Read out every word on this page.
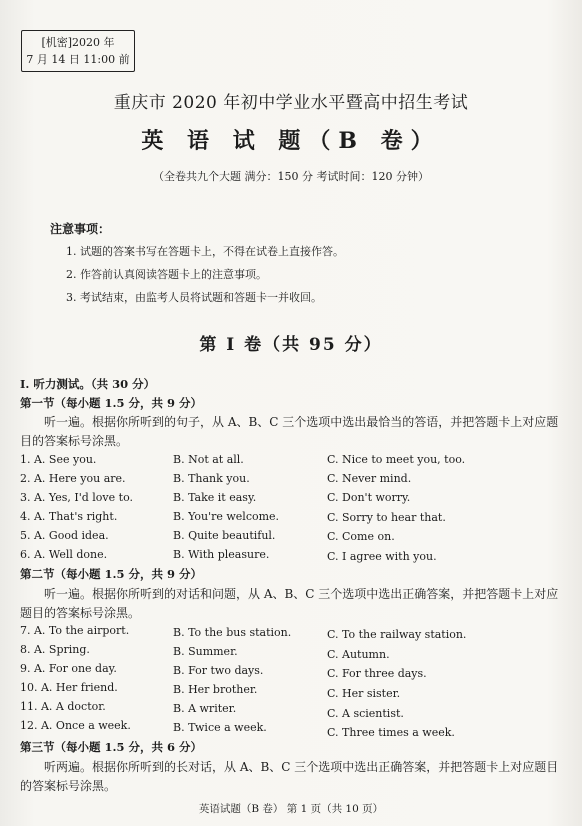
[机密]2020 年
7 月 14 日 11:00 前
重庆市 2020 年初中学业水平暨高中招生考试
英 语 试 题（B 卷）
（全卷共九个大题 满分：150 分 考试时间：120 分钟）
注意事项：
1. 试题的答案书写在答题卡上，不得在试卷上直接作答。
2. 作答前认真阅读答题卡上的注意事项。
3. 考试结束，由监考人员将试题和答题卡一并收回。
第 I 卷（共 95 分）
I. 听力测试。（共 30 分）
第一节（每小题 1.5 分，共 9 分）
听一遍。根据你所听到的句子，从 A、B、C 三个选项中选出最恰当的答语，并把答题卡上对应题目的答案标号涂黑。
1. A. See you.	B. Not at all.	C. Nice to meet you, too.
2. A. Here you are.	B. Thank you.	C. Never mind.
3. A. Yes, I'd love to.	B. Take it easy.	C. Don't worry.
4. A. That's right.	B. You're welcome.	C. Sorry to hear that.
5. A. Good idea.	B. Quite beautiful.	C. Come on.
6. A. Well done.	B. With pleasure.	C. I agree with you.
第二节（每小题 1.5 分，共 9 分）
听一遍。根据你所听到的对话和问题，从 A、B、C 三个选项中选出正确答案，并把答题卡上对应题目的答案标号涂黑。
7. A. To the airport.	B. To the bus station.	C. To the railway station.
8. A. Spring.	B. Summer.	C. Autumn.
9. A. For one day.	B. For two days.	C. For three days.
10. A. Her friend.	B. Her brother.	C. Her sister.
11. A. A doctor.	B. A writer.	C. A scientist.
12. A. Once a week.	B. Twice a week.	C. Three times a week.
第三节（每小题 1.5 分，共 6 分）
听两遍。根据你所听到的长对话，从 A、B、C 三个选项中选出正确答案，并把答题卡上对应题目的答案标号涂黑。
英语试题（B 卷） 第 1 页（共 10 页）
